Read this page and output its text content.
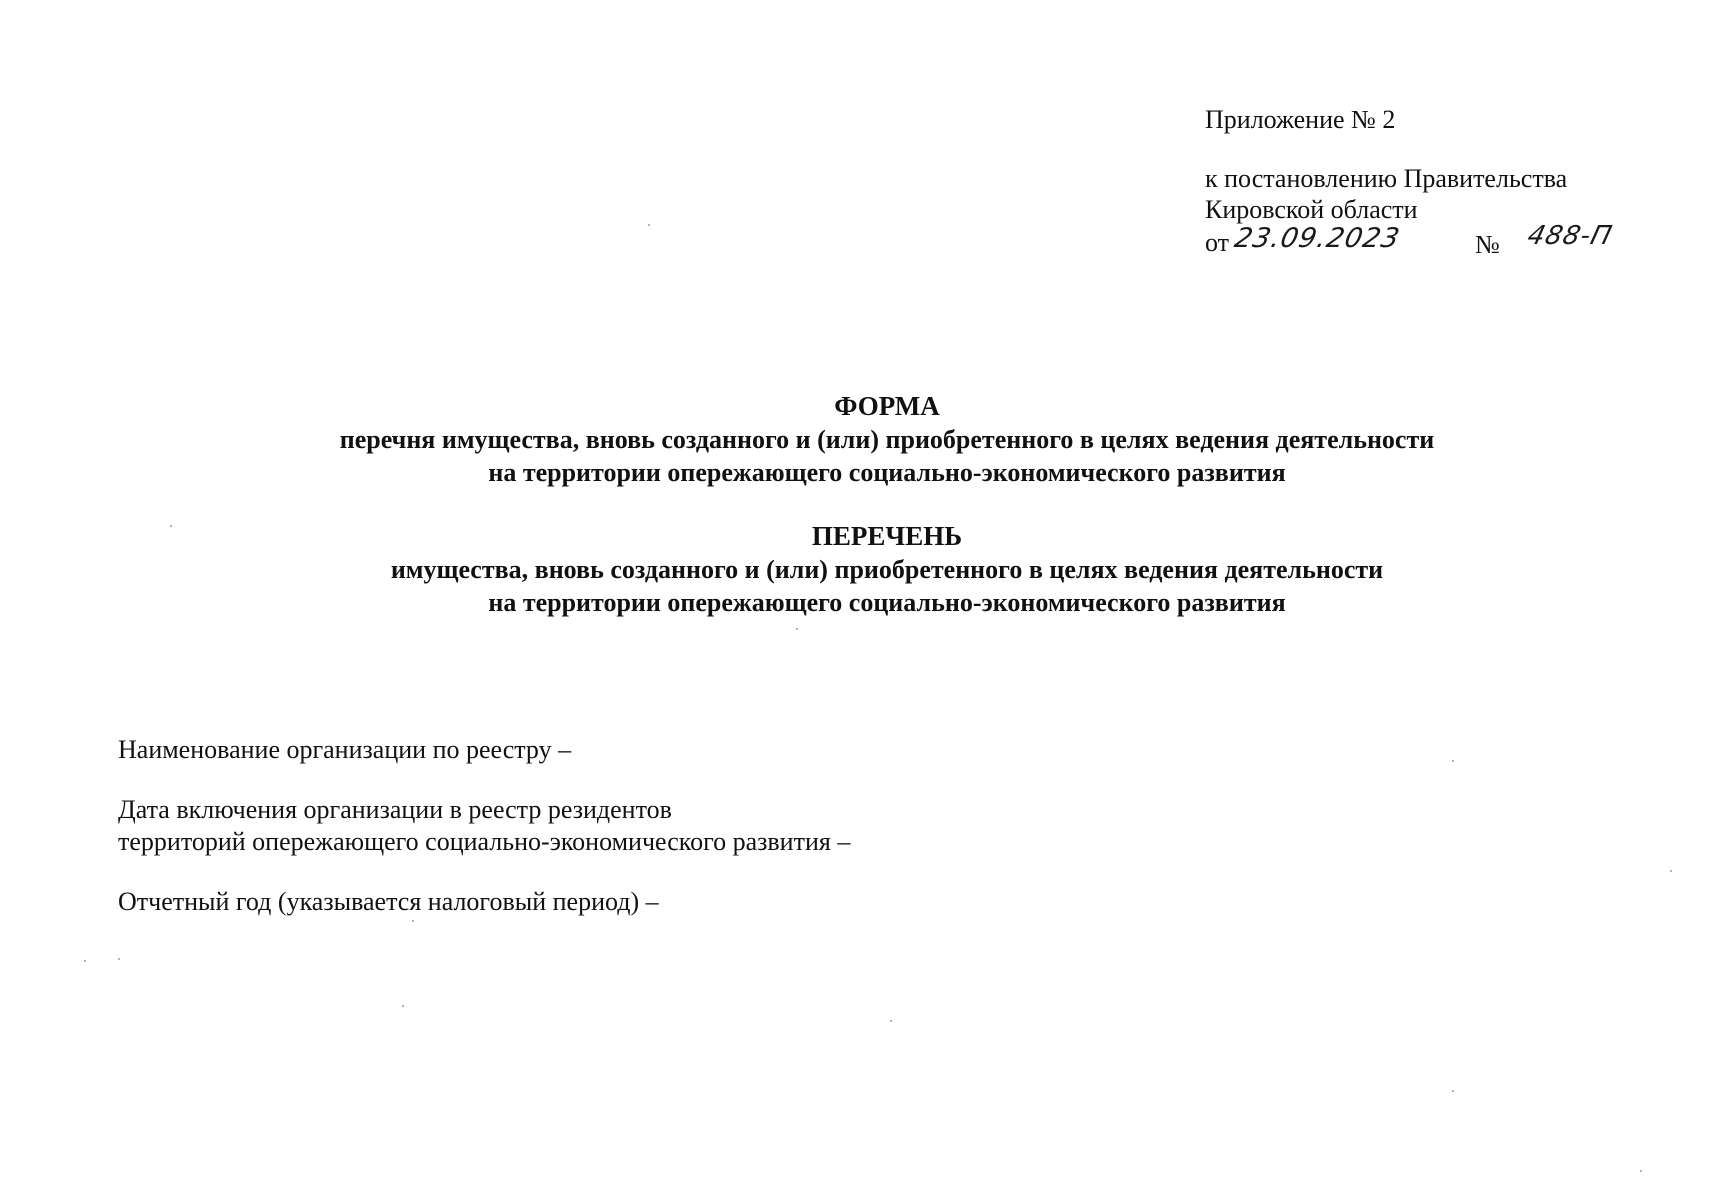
Приложение № 2

к постановлению Правительства

Кировской области

от 23.09.2023	№ 488-П

ФОРМА

перечня имущества, вновь созданного и (или) приобретенного в целях ведения деятельности

на территории опережающего социально-экономического развития

ПЕРЕЧЕНЬ

имущества, вновь созданного и (или) приобретенного в целях ведения деятельности

на территории опережающего социально-экономического развития

Наименование организации по реестру –

Дата включения организации в реестр резидентов

территорий опережающего социально-экономического развития –

Отчетный год (указывается налоговый период) –
